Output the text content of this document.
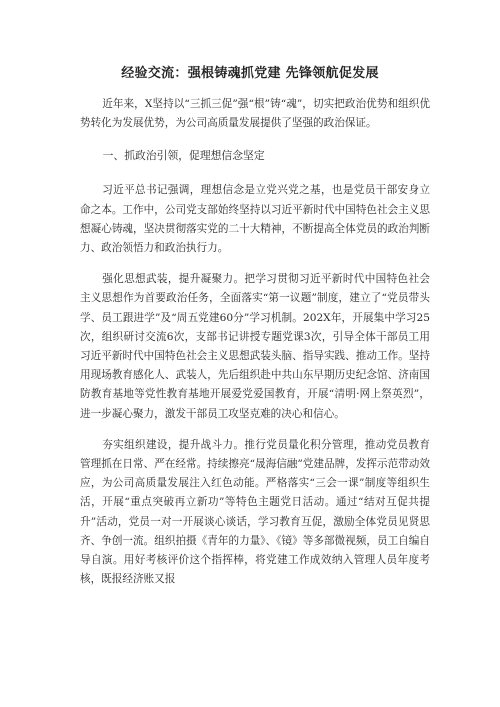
经验交流：强根铸魂抓党建 先锋领航促发展

近年来，X坚持以“三抓三促”强“根”铸“魂”，切实把政治优势和组织优势转化为发展优势，为公司高质量发展提供了坚强的政治保证。

一、抓政治引领，促理想信念坚定

习近平总书记强调，理想信念是立党兴党之基，也是党员干部安身立命之本。工作中，公司党支部始终坚持以习近平新时代中国特色社会主义思想凝心铸魂，坚决贯彻落实党的二十大精神，不断提高全体党员的政治判断力、政治领悟力和政治执行力。

强化思想武装，提升凝聚力。把学习贯彻习近平新时代中国特色社会主义思想作为首要政治任务，全面落实“第一议题”制度，建立了“党员带头学、员工跟进学”及“周五党建60分”学习机制。202X年，开展集中学习25次，组织研讨交流6次，支部书记讲授专题党课3次，引导全体干部员工用习近平新时代中国特色社会主义思想武装头脑、指导实践、推动工作。坚持用现场教育感化人、武装人，先后组织赴中共山东早期历史纪念馆、济南国防教育基地等党性教育基地开展爱党爱国教育，开展“清明·网上祭英烈”，进一步凝心聚力，激发干部员工攻坚克难的决心和信心。

夯实组织建设，提升战斗力。推行党员量化积分管理，推动党员教育管理抓在日常、严在经常。持续擦亮“晟海信融”党建品牌，发挥示范带动效应，为公司高质量发展注入红色动能。严格落实“三会一课”制度等组织生活，开展“重点突破再立新功”等特色主题党日活动。通过“结对互促共提升”活动，党员一对一开展谈心谈话，学习教育互促，激励全体党员见贤思齐、争创一流。组织拍摄《青年的力量》、《镜》等多部微视频，员工自编自导自演。用好考核评价这个指挥棒，将党建工作成效纳入管理人员年度考核，既报经济账又报
